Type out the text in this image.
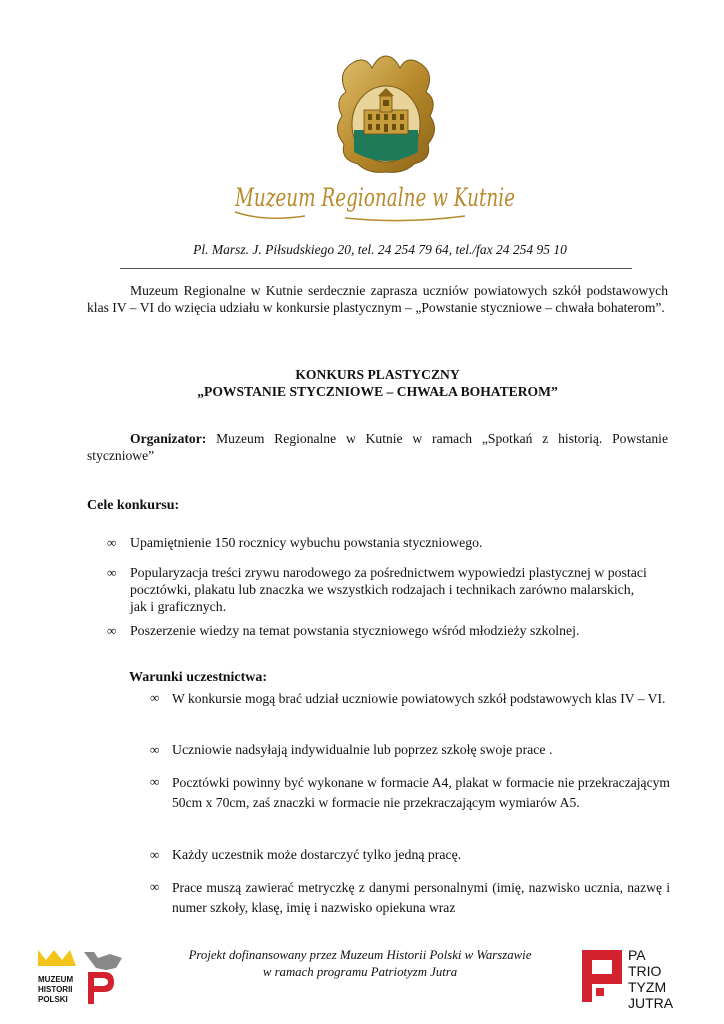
Muzeum Regionalne w Kutnie
Pl. Marsz. J. Piłsudskiego 20, tel. 24 254 79 64, tel./fax 24 254 95 10
Muzeum Regionalne w Kutnie serdecznie zaprasza uczniów powiatowych szkół podstawowych klas IV – VI do wzięcia udziału w konkursie plastycznym – „Powstanie styczniowe – chwała bohaterom”.
KONKURS PLASTYCZNY
„POWSTANIE STYCZNIOWE – CHWAŁA BOHATEROM”
Organizator: Muzeum Regionalne w Kutnie w ramach „Spotkań z historią. Powstanie styczniowe”
Cele konkursu:
∞ Upamiętnienie 150 rocznicy wybuchu powstania styczniowego.
∞ Popularyzacja treści zrywu narodowego za pośrednictwem wypowiedzi plastycznej w postaci pocztówki, plakatu lub znaczka we wszystkich rodzajach i technikach zarówno malarskich, jak i graficznych.
∞ Poszerzenie wiedzy na temat powstania styczniowego wśród młodzieży szkolnej.
Warunki uczestnictwa:
∞ W konkursie mogą brać udział uczniowie powiatowych szkół podstawowych klas IV – VI.
∞ Uczniowie nadsyłają indywidualnie lub poprzez szkołę swoje prace .
∞ Pocztówki powinny być wykonane w formacie A4, plakat w formacie nie przekraczającym 50cm x 70cm, zaś znaczki w formacie nie przekraczającym wymiarów A5.
∞ Każdy uczestnik może dostarczyć tylko jedną pracę.
∞ Prace muszą zawierać metryczkę z danymi personalnymi (imię, nazwisko ucznia, nazwę i numer szkoły, klasę, imię i nazwisko opiekuna wraz
MUZEUM
HISTORII
POLSKI
Projekt dofinansowany przez Muzeum Historii Polski w Warszawie
w ramach programu Patriotyzm Jutra
PA
TRIO
TYZM
JUTRA
